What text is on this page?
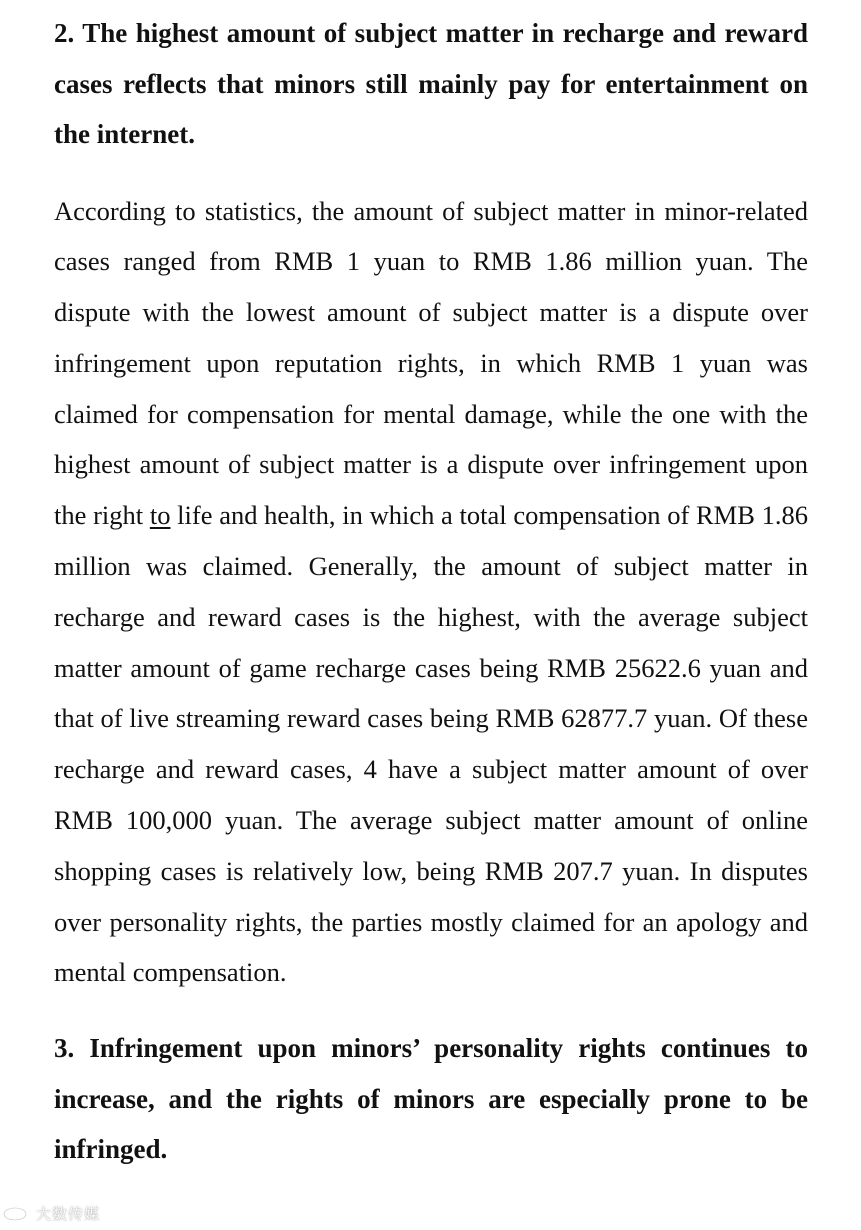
2. The highest amount of subject matter in recharge and reward cases reflects that minors still mainly pay for entertainment on the internet.

According to statistics, the amount of subject matter in minor-related cases ranged from RMB 1 yuan to RMB 1.86 million yuan. The dispute with the lowest amount of subject matter is a dispute over infringement upon reputation rights, in which RMB 1 yuan was claimed for compensation for mental damage, while the one with the highest amount of subject matter is a dispute over infringement upon the right to life and health, in which a total compensation of RMB 1.86 million was claimed. Generally, the amount of subject matter in recharge and reward cases is the highest, with the average subject matter amount of game recharge cases being RMB 25622.6 yuan and that of live streaming reward cases being RMB 62877.7 yuan. Of these recharge and reward cases, 4 have a subject matter amount of over RMB 100,000 yuan. The average subject matter amount of online shopping cases is relatively low, being RMB 207.7 yuan. In disputes over personality rights, the parties mostly claimed for an apology and mental compensation.

3. Infringement upon minors’ personality rights continues to increase, and the rights of minors are especially prone to be infringed.

大数传媒
